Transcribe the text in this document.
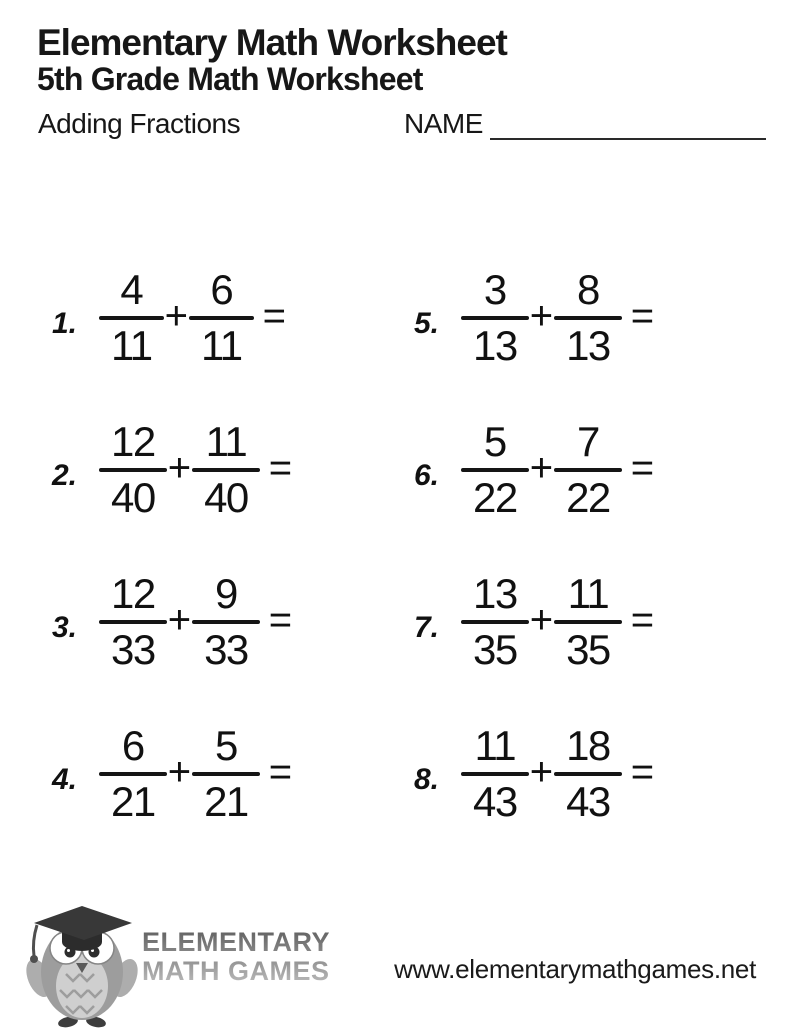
Elementary Math Worksheet
5th Grade Math Worksheet
Adding Fractions	NAME
1. $\frac{4}{11} + \frac{6}{11}$ =
2. $\frac{12}{40} + \frac{11}{40}$ =
3. $\frac{12}{33} + \frac{9}{33}$ =
4. $\frac{6}{21} + \frac{5}{21}$ =
5. $\frac{3}{13} + \frac{8}{13}$ =
6. $\frac{5}{22} + \frac{7}{22}$ =
7. $\frac{13}{35} + \frac{11}{35}$ =
8. $\frac{11}{43} + \frac{18}{43}$ =
ELEMENTARY
MATH GAMES www.elementarymathgames.net
